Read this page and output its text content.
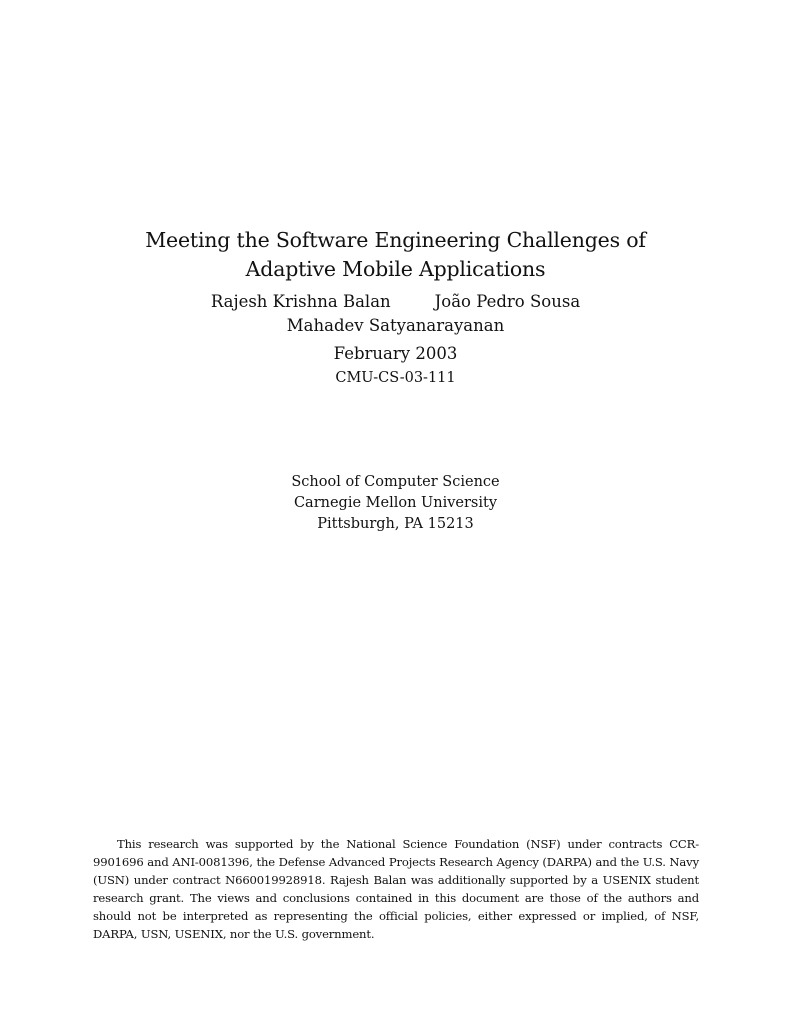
Meeting the Software Engineering Challenges of
Adaptive Mobile Applications
Rajesh Krishna Balan	João Pedro Sousa
Mahadev Satyanarayanan
February 2003
CMU-CS-03-111
School of Computer Science
Carnegie Mellon University
Pittsburgh, PA 15213
This research was supported by the National Science Foundation (NSF) under contracts CCR-9901696 and ANI-0081396, the Defense Advanced Projects Research Agency (DARPA) and the U.S. Navy (USN) under contract N660019928918. Rajesh Balan was additionally supported by a USENIX student research grant. The views and conclusions contained in this document are those of the authors and should not be interpreted as representing the official policies, either expressed or implied, of NSF, DARPA, USN, USENIX, nor the U.S. government.
